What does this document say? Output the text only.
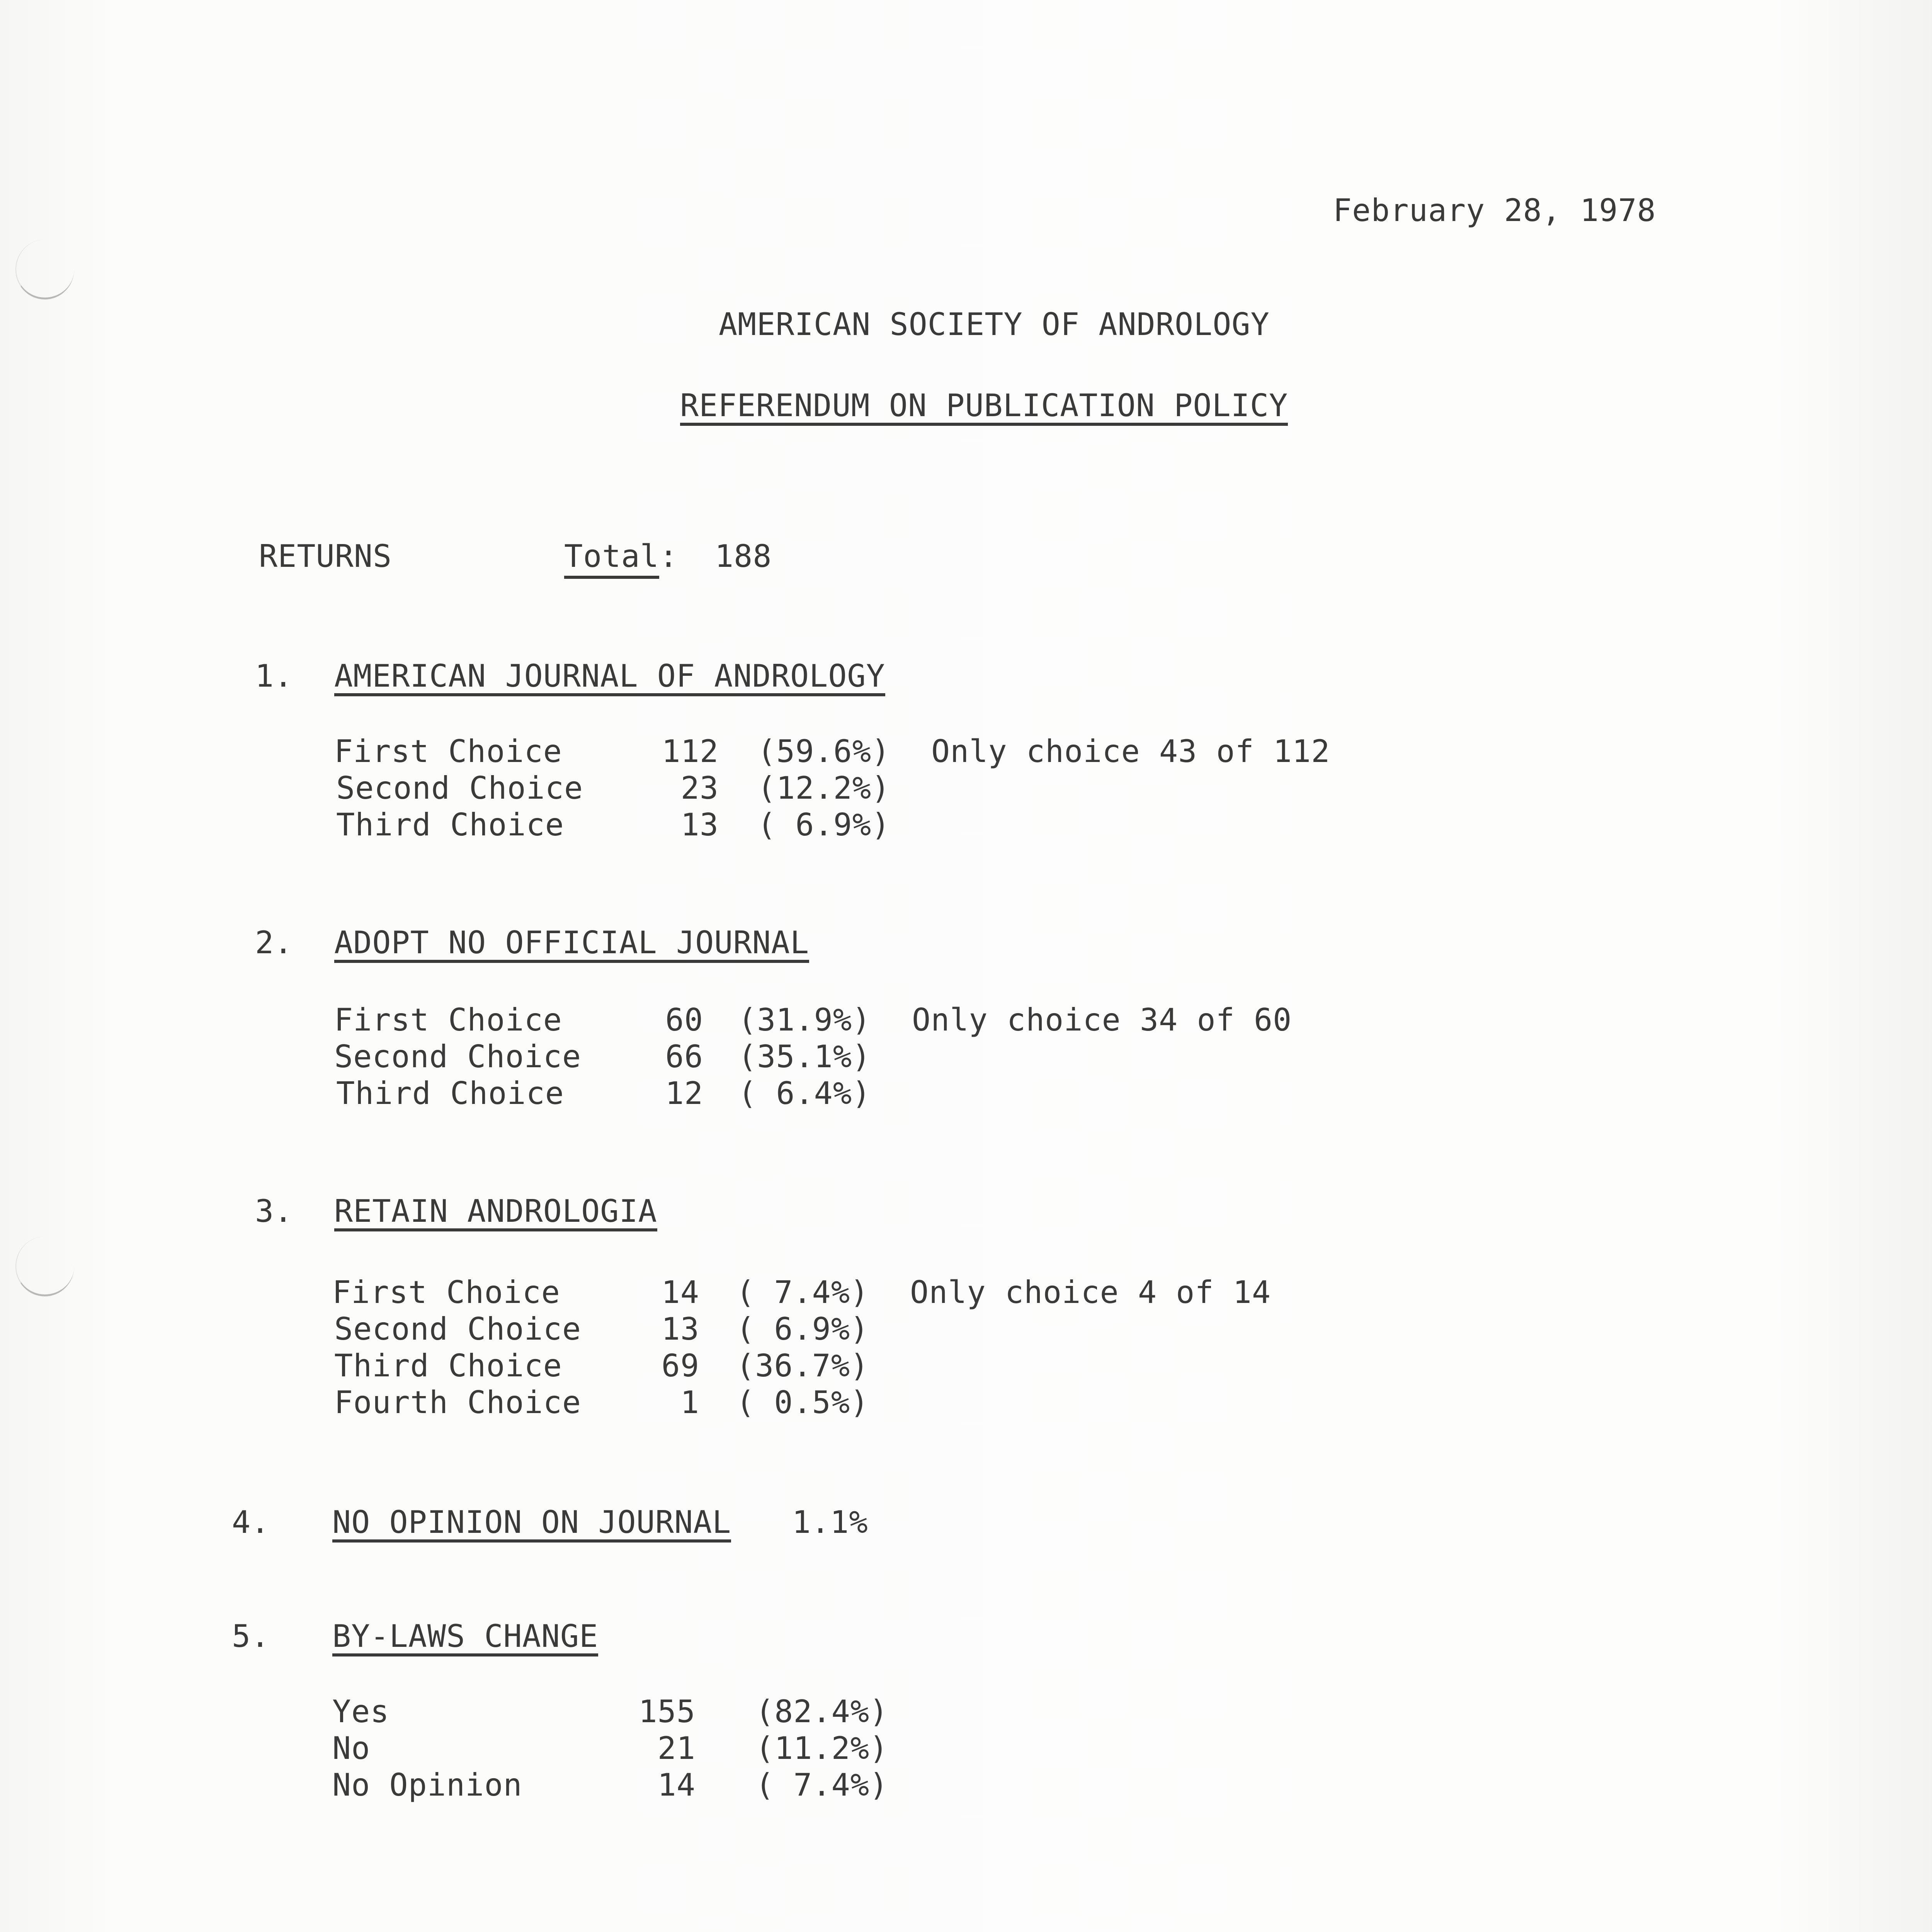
February 28, 1978
AMERICAN SOCIETY OF ANDROLOGY
REFERENDUM ON PUBLICATION POLICY
RETURNS	Total: 188
1. AMERICAN JOURNAL OF ANDROLOGY
First Choice	112 (59.6%) Only choice 43 of 112
Second Choice	23 (12.2%)
Third Choice	13 ( 6.9%)
2. ADOPT NO OFFICIAL JOURNAL
First Choice	60 (31.9%) Only choice 34 of 60
Second Choice	66 (35.1%)
Third Choice	12 ( 6.4%)
3. RETAIN ANDROLOGIA
First Choice	14 ( 7.4%) Only choice 4 of 14
Second Choice	13 ( 6.9%)
Third Choice	69 (36.7%)
Fourth Choice	1 ( 0.5%)
4. NO OPINION ON JOURNAL 1.1%
5. BY-LAWS CHANGE
Yes	155 (82.4%)
No	21 (11.2%)
No Opinion	14 ( 7.4%)
